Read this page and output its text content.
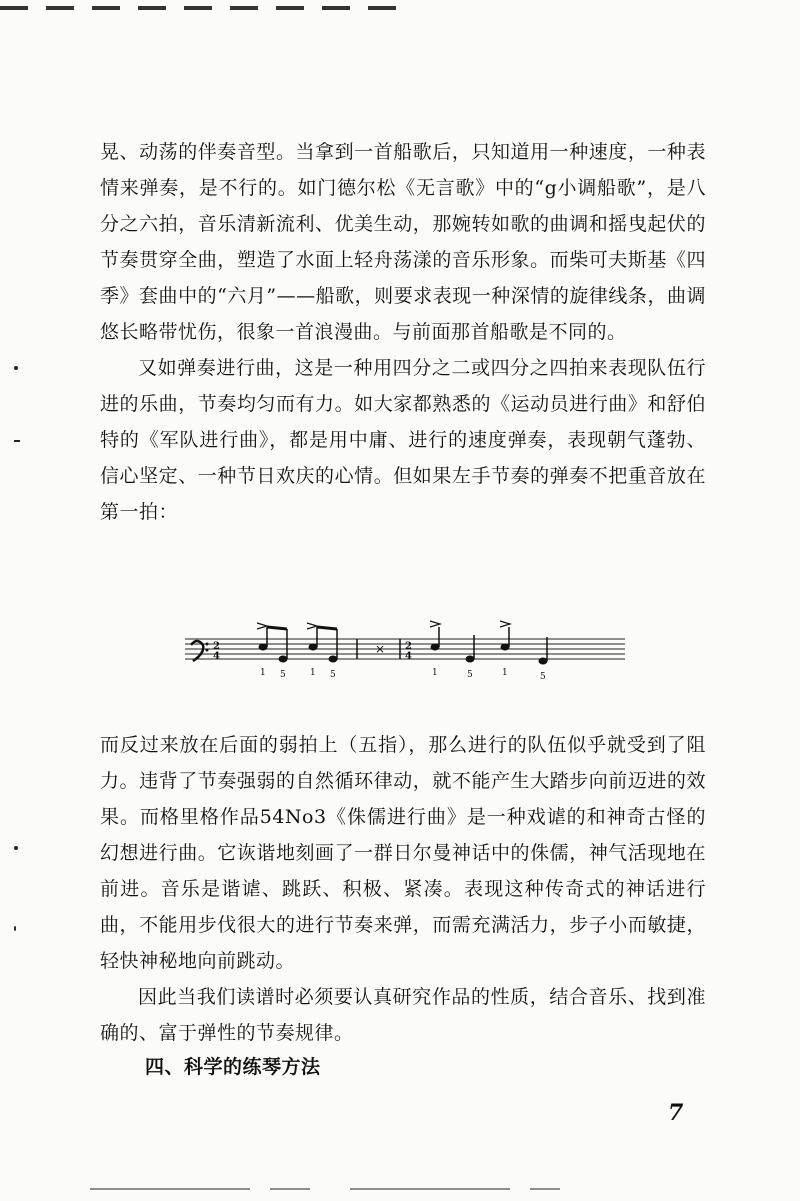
晃、动荡的伴奏音型。当拿到一首船歌后，只知道用一种速度，一种表情来弹奏，是不行的。如门德尔松《无言歌》中的“g小调船歌”，是八分之六拍，音乐清新流利、优美生动，那婉转如歌的曲调和摇曳起伏的节奏贯穿全曲，塑造了水面上轻舟荡漾的音乐形象。而柴可夫斯基《四季》套曲中的“六月”——船歌，则要求表现一种深情的旋律线条，曲调悠长略带忧伤，很象一首浪漫曲。与前面那首船歌是不同的。

又如弹奏进行曲，这是一种用四分之二或四分之四拍来表现队伍行进的乐曲，节奏均匀而有力。如大家都熟悉的《运动员进行曲》和舒伯特的《军队进行曲》，都是用中庸、进行的速度弹奏，表现朝气蓬勃、信心坚定、一种节日欢庆的心情。但如果左手节奏的弹奏不把重音放在第一拍：

2
4
× 2
4
1 5	1 5	1	5	1	5

而反过来放在后面的弱拍上（五指），那么进行的队伍似乎就受到了阻力。违背了节奏强弱的自然循环律动，就不能产生大踏步向前迈进的效果。而格里格作品54No3《侏儒进行曲》是一种戏谑的和神奇古怪的幻想进行曲。它诙谐地刻画了一群日尔曼神话中的侏儒，神气活现地在前进。音乐是谐谑、跳跃、积极、紧凑。表现这种传奇式的神话进行曲，不能用步伐很大的进行节奏来弹，而需充满活力，步子小而敏捷，轻快神秘地向前跳动。

因此当我们读谱时必须要认真研究作品的性质，结合音乐、找到准确的、富于弹性的节奏规律。

四、科学的练琴方法
7
